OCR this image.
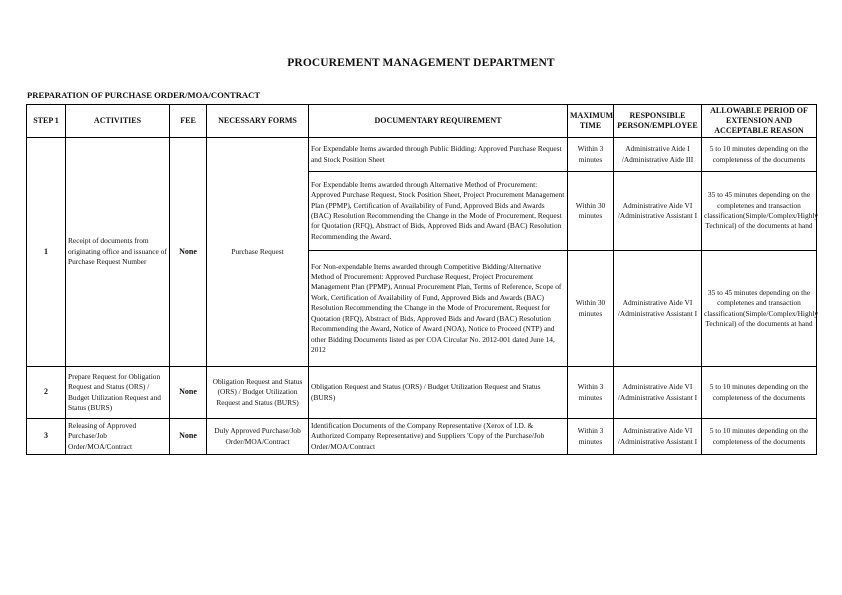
PROCUREMENT MANAGEMENT DEPARTMENT
PREPARATION OF PURCHASE ORDER/MOA/CONTRACT
STEP 1	ACTIVITIES	FEE	NECESSARY FORMS	DOCUMENTARY REQUIREMENT	MAXIMUM TIME	RESPONSIBLE PERSON/EMPLOYEE	ALLOWABLE PERIOD OF EXTENSION AND ACCEPTABLE REASON
1	Receipt of documents from originating office and issuance of Purchase Request Number	None	Purchase Request	For Expendable Items awarded through Public Bidding: Approved Purchase Request and Stock Position Sheet	Within 3 minutes	Administrative Aide I /Administrative Aide III	5 to 10 minutes depending on the completeness of the documents
				For Expendable Items awarded through Alternative Method of Procurement: Approved Purchase Request, Stock Position Sheet, Project Procurement Management Plan (PPMP), Certification of Availability of Fund, Approved Bids and Awards (BAC) Resolution Recommending the Change in the Mode of Procurement, Request for Quotation (RFQ), Abstract of Bids, Approved Bids and Award (BAC) Resolution Recommending the Award.	Within 30 minutes	Administrative Aide VI /Administrative Assistant I	35 to 45 minutes depending on the completenes and transaction classification(Simple/Complex/Highly Technical) of the documents at hand
				For Non-expendable Items awarded through Competitive Bidding/Alternative Method of Procurement: Approved Purchase Request, Project Procurement Management Plan (PPMP), Annual Procurement Plan, Terms of Reference, Scope of Work, Certification of Availability of Fund, Approved Bids and Awards (BAC) Resolution Recommending the Change in the Mode of Procurement, Request for Quotation (RFQ), Abstract of Bids, Approved Bids and Award (BAC) Resolution Recommending the Award, Notice of Award (NOA), Notice to Proceed (NTP) and other Bidding Documents listed as per COA Circular No. 2012-001 dated June 14, 2012	Within 30 minutes	Administrative Aide VI /Administrative Assistant I	35 to 45 minutes depending on the completenes and transaction classification(Simple/Complex/Highly Technical) of the documents at hand
2	Prepare Request for Obligation Request and Status (ORS) / Budget Utilization Request and Status (BURS)	None	Obligation Request and Status (ORS) / Budget Utilization Request and Status (BURS)	Obligation Request and Status (ORS) / Budget Utilization Request and Status (BURS)	Within 3 minutes	Administrative Aide VI /Administrative Assistant I	5 to 10 minutes depending on the completeness of the documents
3	Releasing of Approved Purchase/Job Order/MOA/Contract	None	Duly Approved Purchase/Job Order/MOA/Contract	Identification Documents of the Company Representative (Xerox of I.D. & Authorized Company Representative) and Suppliers 'Copy of the Purchase/Job Order/MOA/Contract	Within 3 minutes	Administrative Aide VI /Administrative Assistant I	5 to 10 minutes depending on the completeness of the documents
